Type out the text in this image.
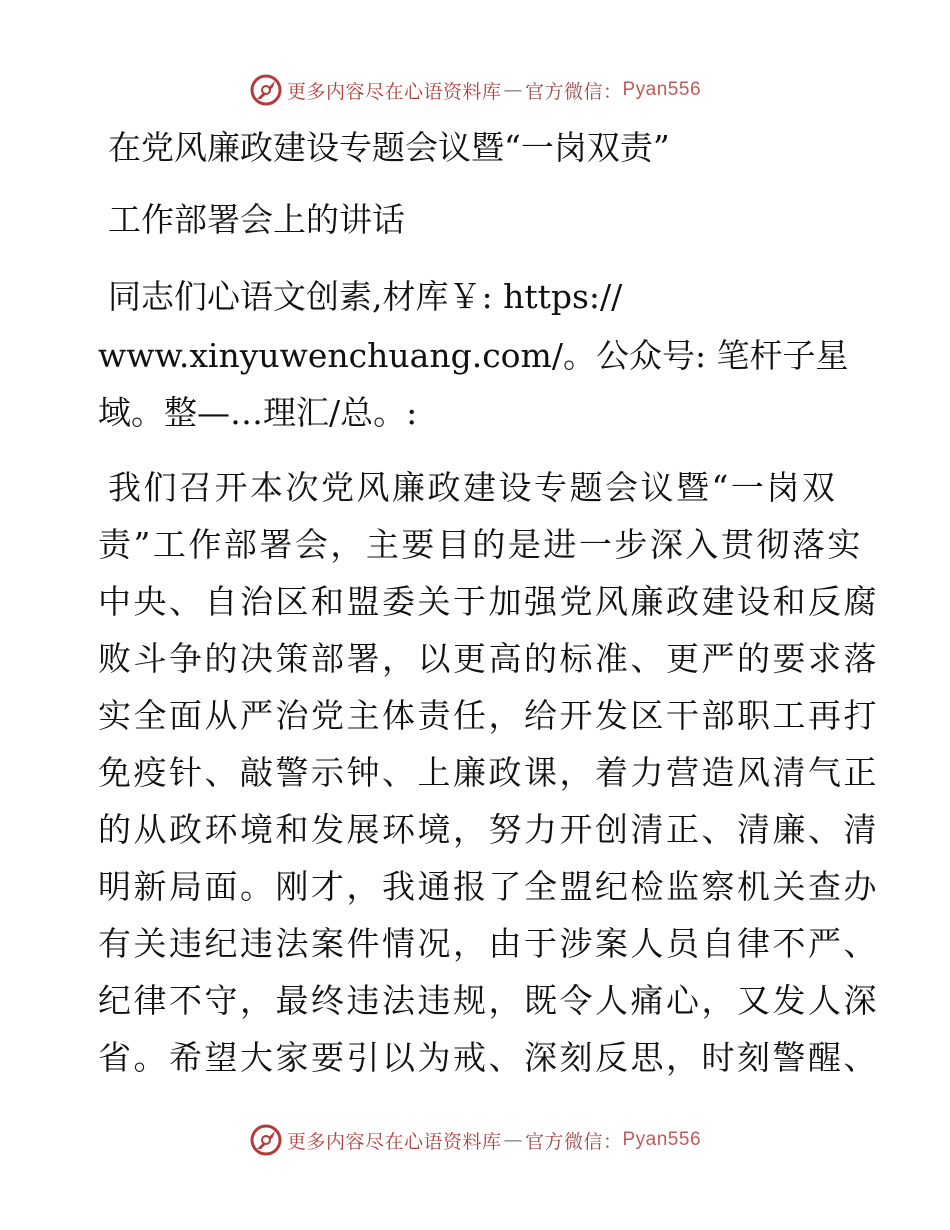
更多内容尽在心语资料库 — 官方微信： Pyan556
在党风廉政建设专题会议暨“一岗双责”
工作部署会上的讲话
同志们心语文创素,材库￥: https://
www.xinyuwenchuang.com/。公众号: 笔杆子星
域。整—…理汇/总。:
我们召开本次党风廉政建设专题会议暨“一岗双
责”工作部署会，主要目的是进一步深入贯彻落实
中央、自治区和盟委关于加强党风廉政建设和反腐
败斗争的决策部署，以更高的标准、更严的要求落
实全面从严治党主体责任，给开发区干部职工再打
免疫针、敲警示钟、上廉政课，着力营造风清气正
的从政环境和发展环境，努力开创清正、清廉、清
明新局面。刚才，我通报了全盟纪检监察机关查办
有关违纪违法案件情况，由于涉案人员自律不严、
纪律不守，最终违法违规，既令人痛心，又发人深
省。希望大家要引以为戒、深刻反思，时刻警醒、
更多内容尽在心语资料库 — 官方微信： Pyan556
